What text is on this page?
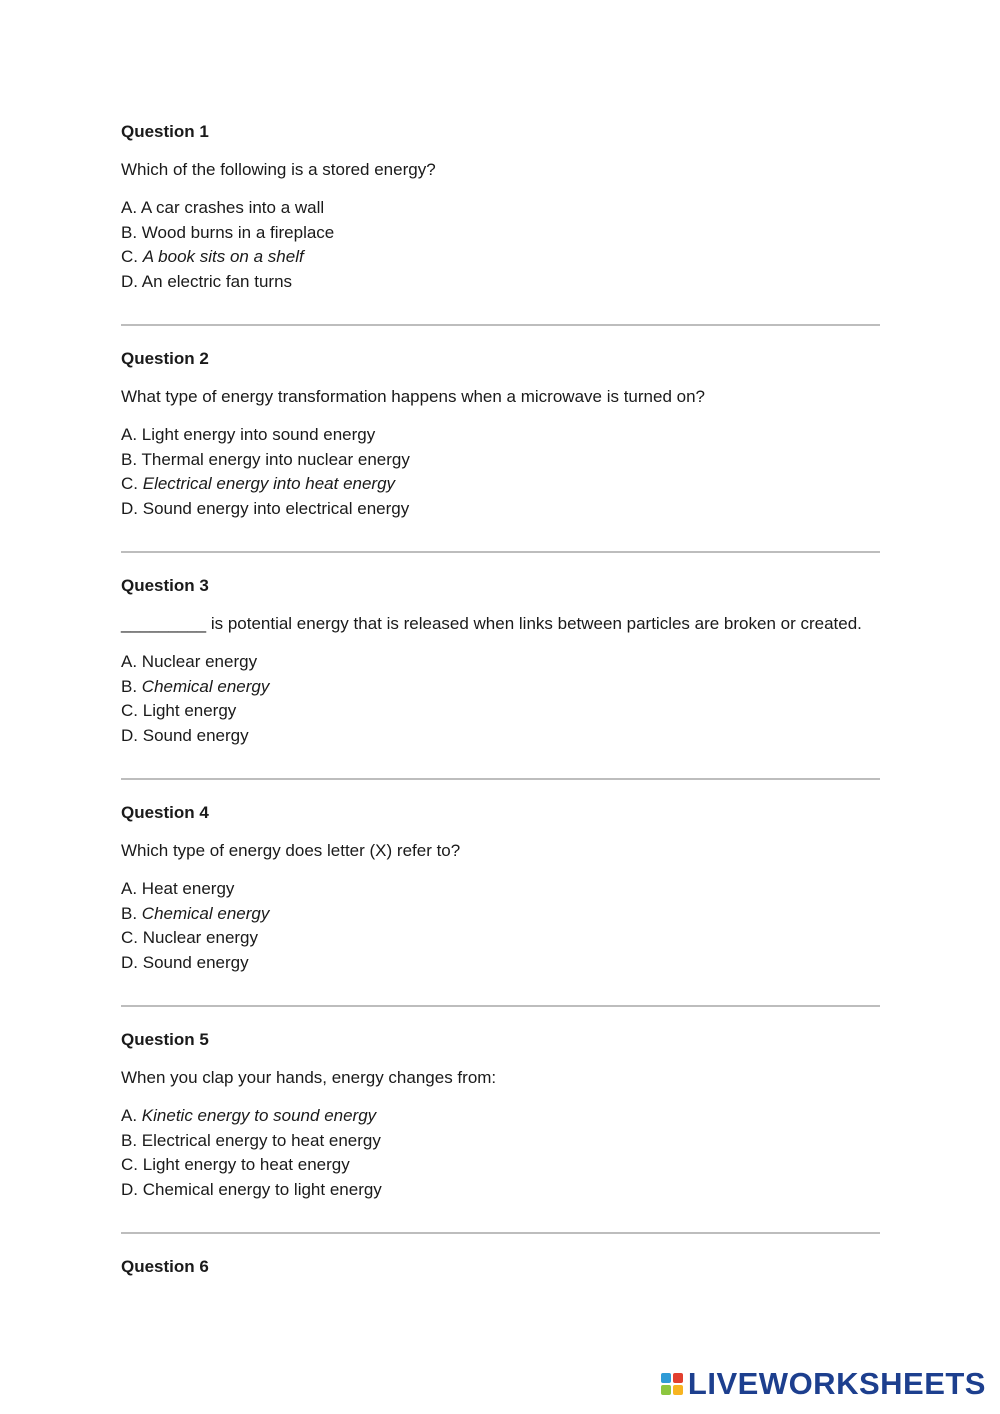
Question 1

Which of the following is a stored energy?

A. A car crashes into a wall
B. Wood burns in a fireplace
C. A book sits on a shelf
D. An electric fan turns
Question 2

What type of energy transformation happens when a microwave is turned on?

A. Light energy into sound energy
B. Thermal energy into nuclear energy
C. Electrical energy into heat energy
D. Sound energy into electrical energy
Question 3

_________ is potential energy that is released when links between particles are broken or created.

A. Nuclear energy
B. Chemical energy
C. Light energy
D. Sound energy
Question 4

Which type of energy does letter (X) refer to?

A. Heat energy
B. Chemical energy
C. Nuclear energy
D. Sound energy
Question 5

When you clap your hands, energy changes from:

A. Kinetic energy to sound energy
B. Electrical energy to heat energy
C. Light energy to heat energy
D. Chemical energy to light energy
Question 6
LIVEWORKSHEETS
